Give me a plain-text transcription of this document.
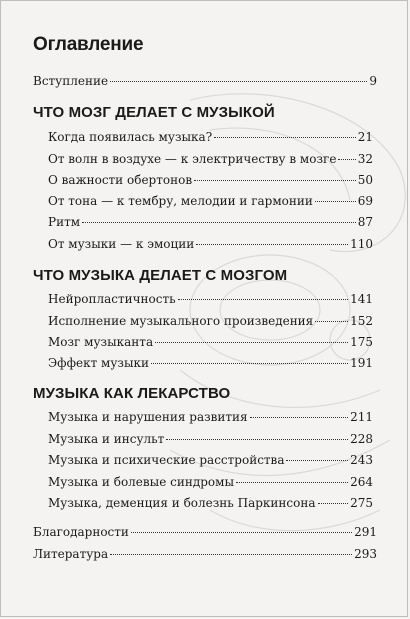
Оглавление
Вступление	9
ЧТО МОЗГ ДЕЛАЕТ С МУЗЫКОЙ
Когда появилась музыка?	21
От волн в воздухе — к электричеству в мозге 32
О важности обертонов	50
От тона — к тембру, мелодии и гармонии	69
Ритм	87
От музыки — к эмоции	110
ЧТО МУЗЫКА ДЕЛАЕТ С МОЗГОМ
Нейропластичность	141
Исполнение музыкального произведения	152
Мозг музыканта	175
Эффект музыки	191
МУЗЫКА КАК ЛЕКАРСТВО
Музыка и нарушения развития	211
Музыка и инсульт	228
Музыка и психические расстройства	243
Музыка и болевые синдромы	264
Музыка, деменция и болезнь Паркинсона	275
Благодарности	291
Литература	293
